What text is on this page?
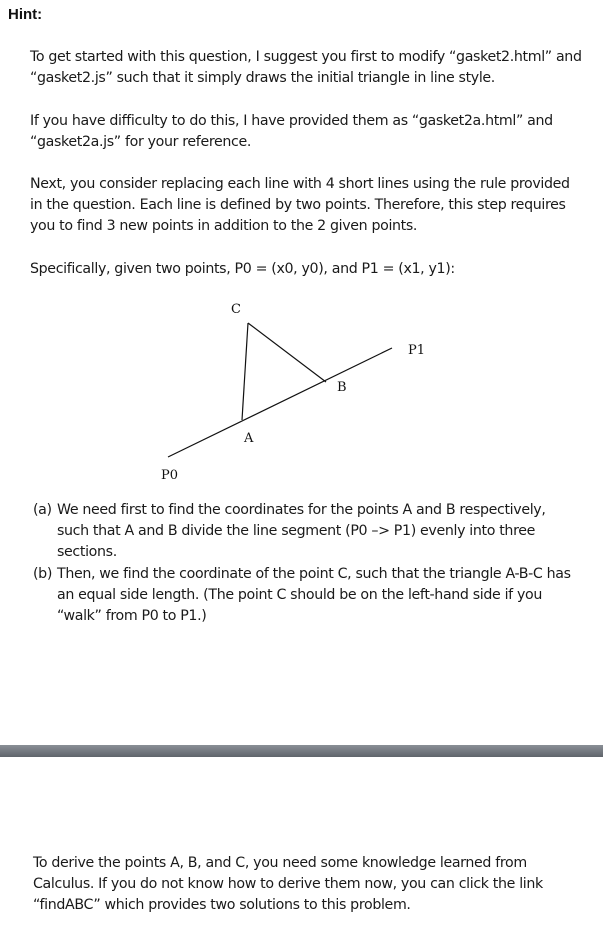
Hint:

To get started with this question, I suggest you first to modify “gasket2.html” and “gasket2.js” such that it simply draws the initial triangle in line style.

If you have difficulty to do this, I have provided them as “gasket2a.html” and “gasket2a.js” for your reference.

Next, you consider replacing each line with 4 short lines using the rule provided in the question. Each line is defined by two points. Therefore, this step requires you to find 3 new points in addition to the 2 given points.

Specifically, given two points, P0 = (x0, y0), and P1 = (x1, y1):

C
P1
B
A
P0
(a) We need first to find the coordinates for the points A and B respectively, such that A and B divide the line segment (P0 –> P1) evenly into three sections.
(b) Then, we find the coordinate of the point C, such that the triangle A-B-C has an equal side length. (The point C should be on the left-hand side if you “walk” from P0 to P1.)

To derive the points A, B, and C, you need some knowledge learned from Calculus. If you do not know how to derive them now, you can click the link “findABC” which provides two solutions to this problem.
